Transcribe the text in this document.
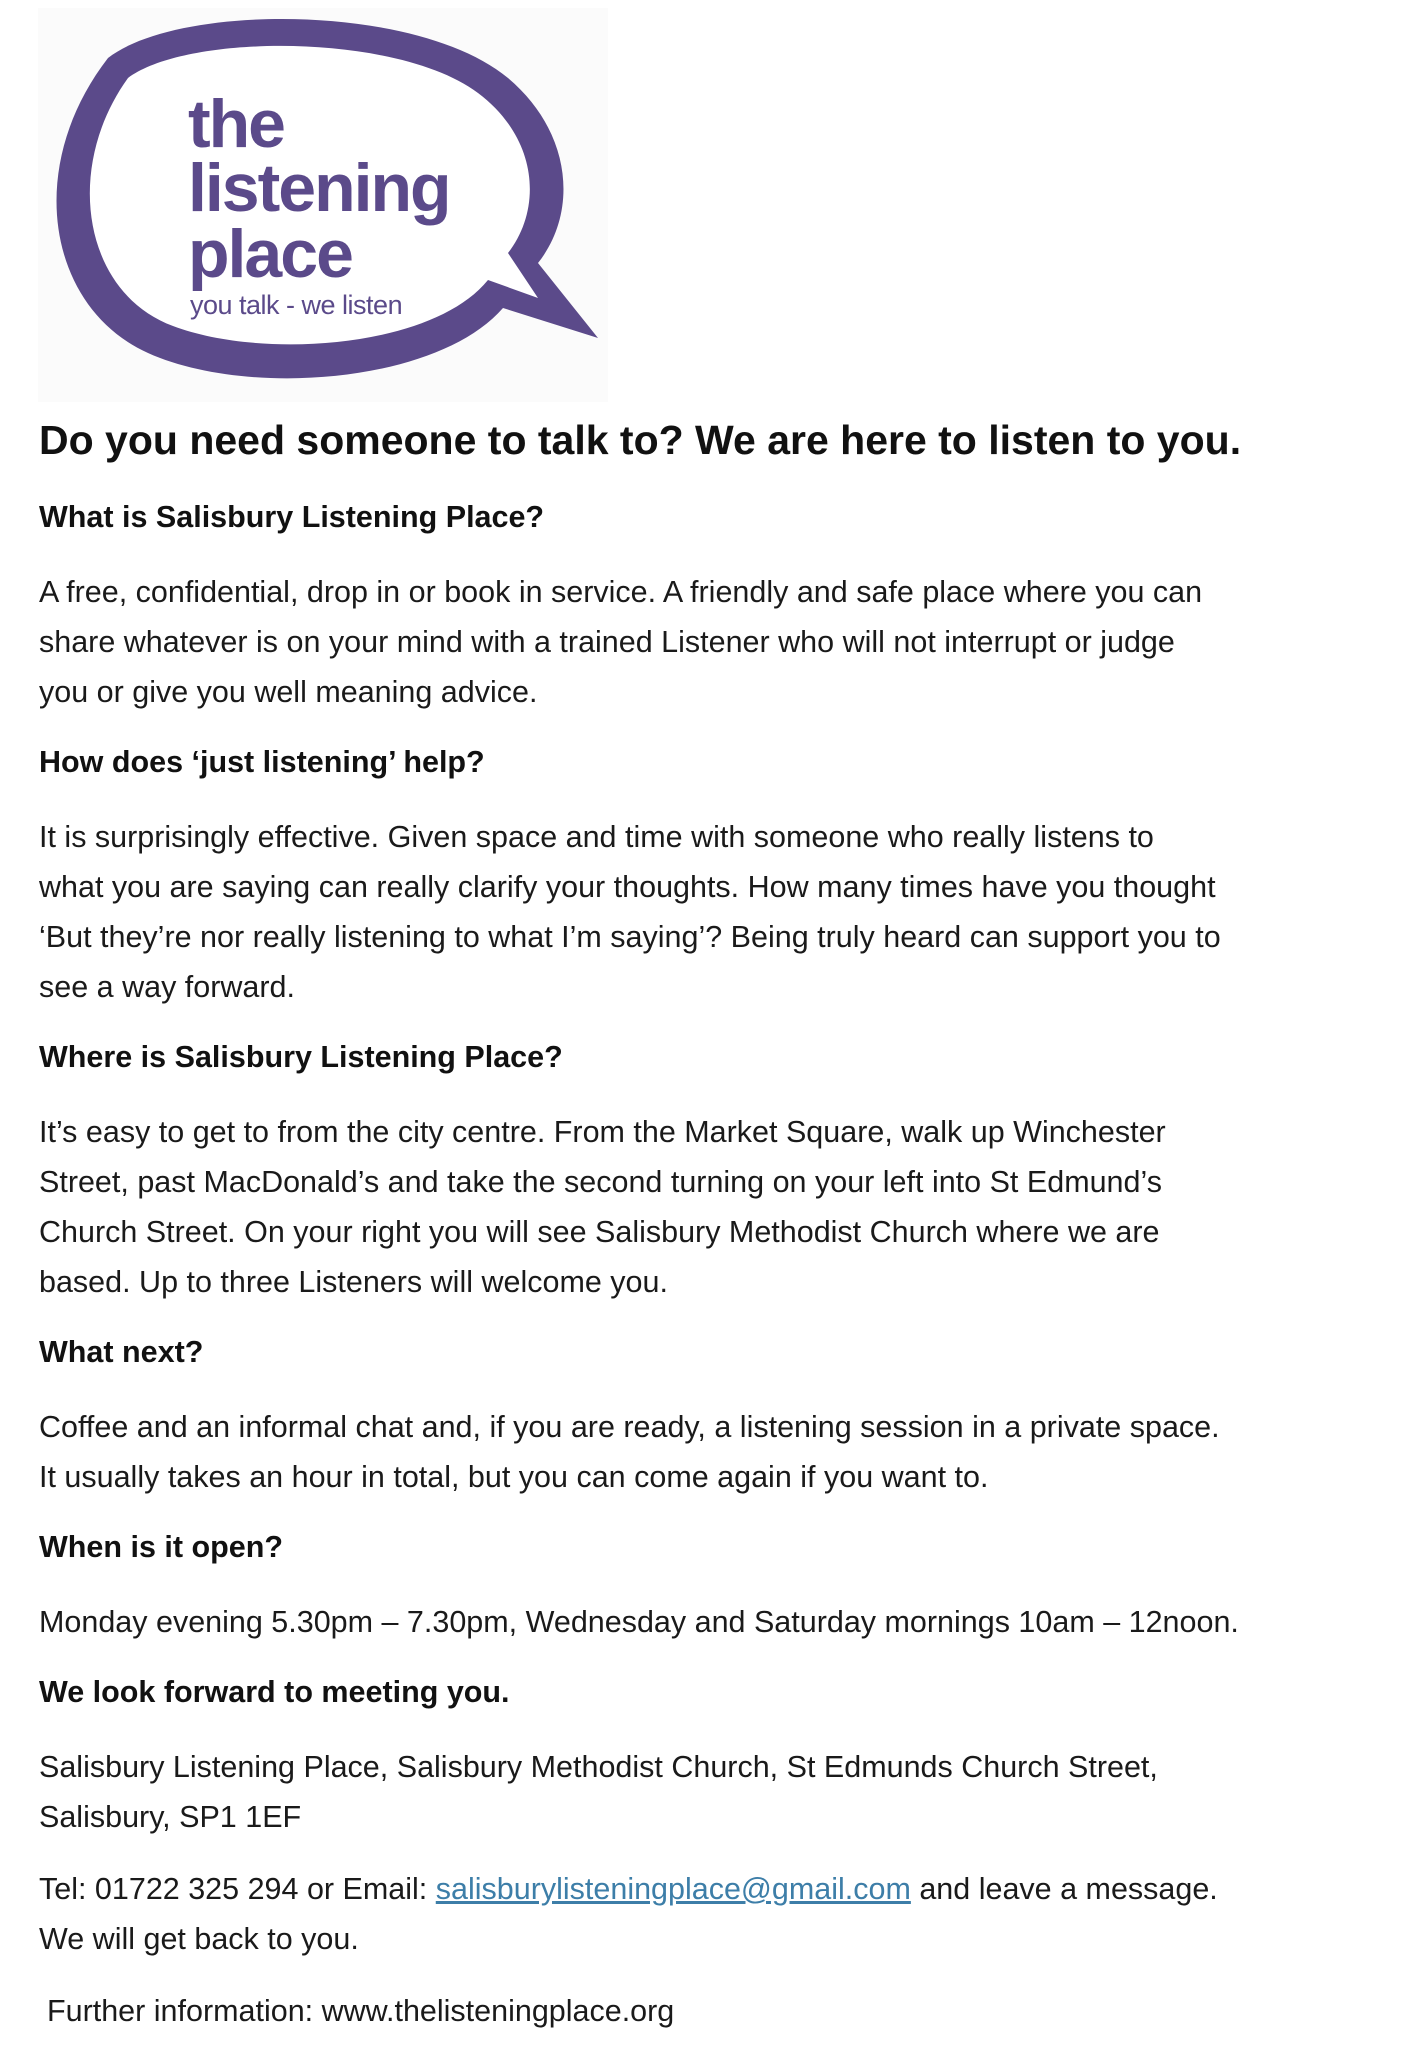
the
listening
place
you talk - we listen
Do you need someone to talk to? We are here to listen to you.

What is Salisbury Listening Place?

A free, confidential, drop in or book in service. A friendly and safe place where you can

share whatever is on your mind with a trained Listener who will not interrupt or judge

you or give you well meaning advice.

How does ‘just listening’ help?

It is surprisingly effective. Given space and time with someone who really listens to

what you are saying can really clarify your thoughts. How many times have you thought

‘But they’re nor really listening to what I’m saying’? Being truly heard can support you to

see a way forward.

Where is Salisbury Listening Place?

It’s easy to get to from the city centre. From the Market Square, walk up Winchester

Street, past MacDonald’s and take the second turning on your left into St Edmund’s

Church Street. On your right you will see Salisbury Methodist Church where we are

based. Up to three Listeners will welcome you.

What next?

Coffee and an informal chat and, if you are ready, a listening session in a private space.

It usually takes an hour in total, but you can come again if you want to.

When is it open?

Monday evening 5.30pm – 7.30pm, Wednesday and Saturday mornings 10am – 12noon.

We look forward to meeting you.

Salisbury Listening Place, Salisbury Methodist Church, St Edmunds Church Street,

Salisbury, SP1 1EF

Tel: 01722 325 294 or Email: salisburylisteningplace@gmail.com and leave a message.

We will get back to you.

Further information: www.thelisteningplace.org
